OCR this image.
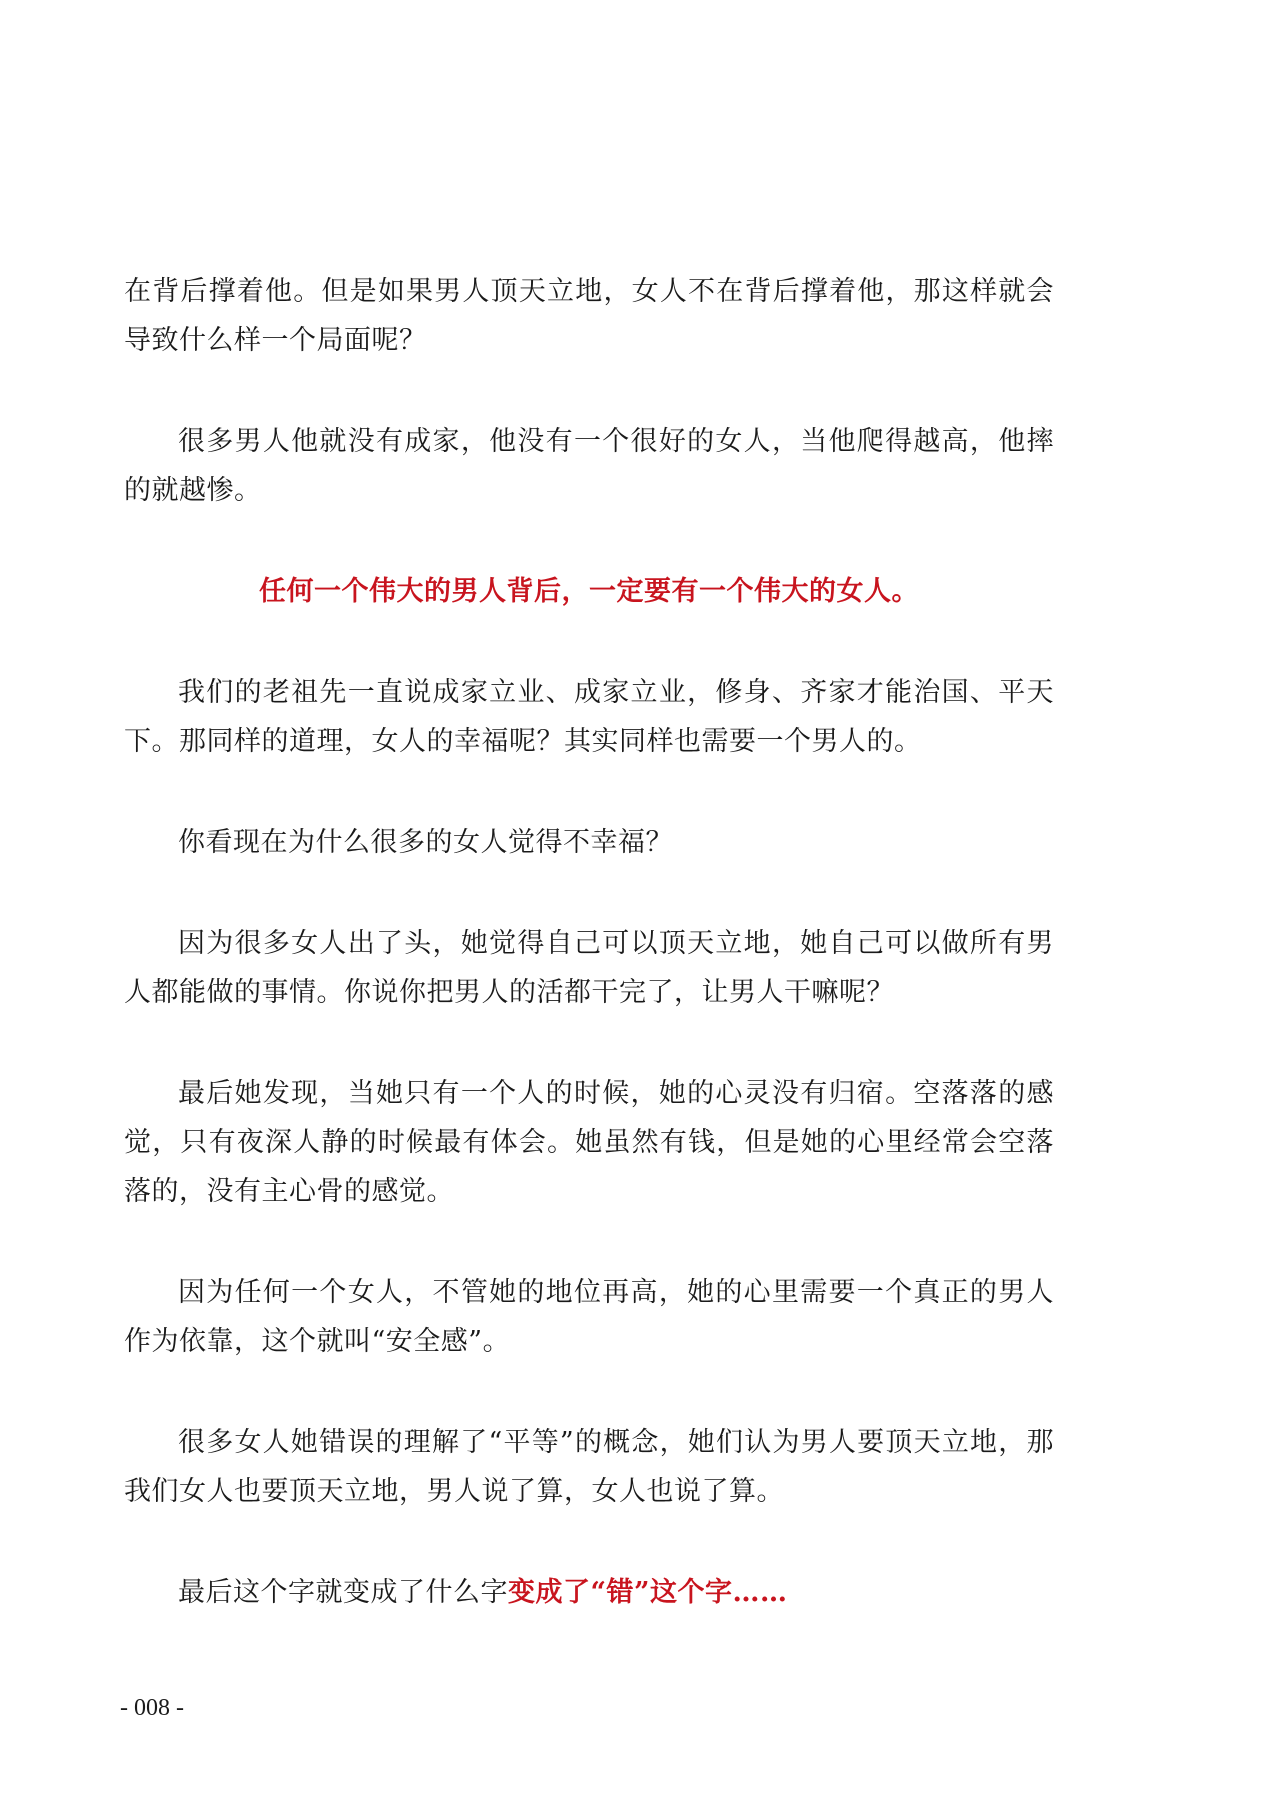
在背后撑着他。但是如果男人顶天立地，女人不在背后撑着他，那这样就会导致什么样一个局面呢？

很多男人他就没有成家，他没有一个很好的女人，当他爬得越高，他摔的就越惨。

任何一个伟大的男人背后，一定要有一个伟大的女人。

我们的老祖先一直说成家立业、成家立业，修身、齐家才能治国、平天下。那同样的道理，女人的幸福呢？其实同样也需要一个男人的。

你看现在为什么很多的女人觉得不幸福？

因为很多女人出了头，她觉得自己可以顶天立地，她自己可以做所有男人都能做的事情。你说你把男人的活都干完了，让男人干嘛呢？

最后她发现，当她只有一个人的时候，她的心灵没有归宿。空落落的感觉，只有夜深人静的时候最有体会。她虽然有钱，但是她的心里经常会空落落的，没有主心骨的感觉。

因为任何一个女人，不管她的地位再高，她的心里需要一个真正的男人作为依靠，这个就叫“安全感”。

很多女人她错误的理解了“平等”的概念，她们认为男人要顶天立地，那我们女人也要顶天立地，男人说了算，女人也说了算。

最后这个字就变成了什么字变成了“错”这个字……

- 008 -
